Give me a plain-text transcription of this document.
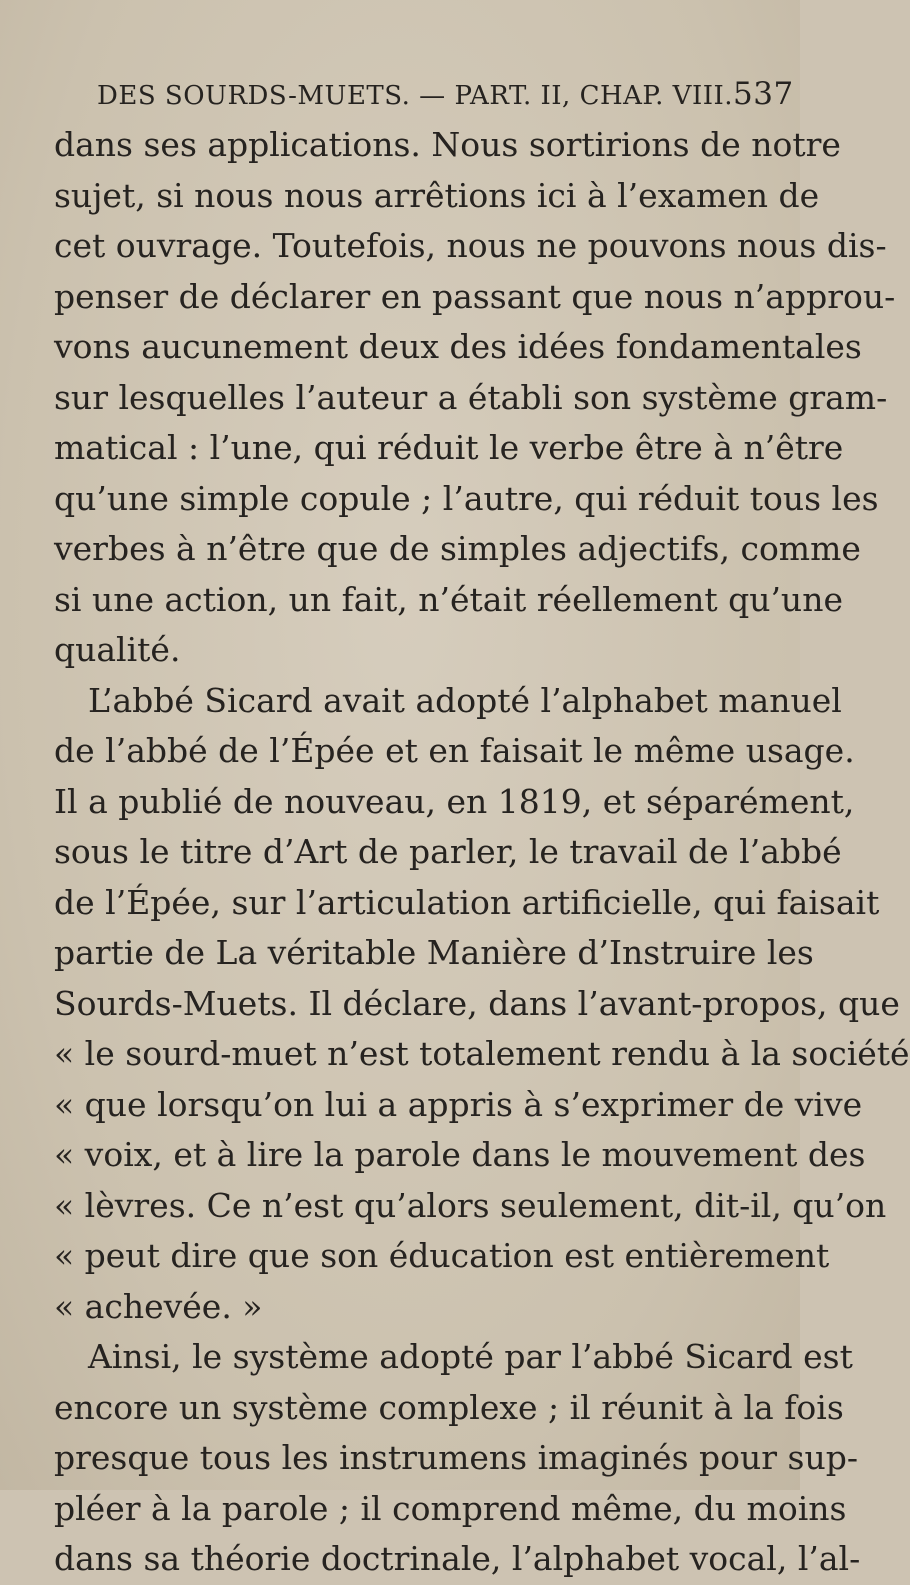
DES SOURDS-MUETS. — PART. II, CHAP. VIII. 537
dans ses applications. Nous sortirions de notre
sujet, si nous nous arrêtions ici à l’examen de
cet ouvrage. Toutefois, nous ne pouvons nous dis-
penser de déclarer en passant que nous n’approu-
vons aucunement deux des idées fondamentales
sur lesquelles l’auteur a établi son système gram-
matical : l’une, qui réduit le verbe être à n’être
qu’une simple copule ; l’autre, qui réduit tous les
verbes à n’être que de simples adjectifs, comme
si une action, un fait, n’était réellement qu’une
qualité.
L’abbé Sicard avait adopté l’alphabet manuel
de l’abbé de l’Épée et en faisait le même usage.
Il a publié de nouveau, en 1819, et séparément,
sous le titre d’Art de parler, le travail de l’abbé
de l’Épée, sur l’articulation artificielle, qui faisait
partie de La véritable Manière d’Instruire les
Sourds-Muets. Il déclare, dans l’avant-propos, que
« le sourd-muet n’est totalement rendu à la société
« que lorsqu’on lui a appris à s’exprimer de vive
« voix, et à lire la parole dans le mouvement des
« lèvres. Ce n’est qu’alors seulement, dit-il, qu’on
« peut dire que son éducation est entièrement
« achevée. »
Ainsi, le système adopté par l’abbé Sicard est
encore un système complexe ; il réunit à la fois
presque tous les instrumens imaginés pour sup-
pléer à la parole ; il comprend même, du moins
dans sa théorie doctrinale, l’alphabet vocal, l’al-
